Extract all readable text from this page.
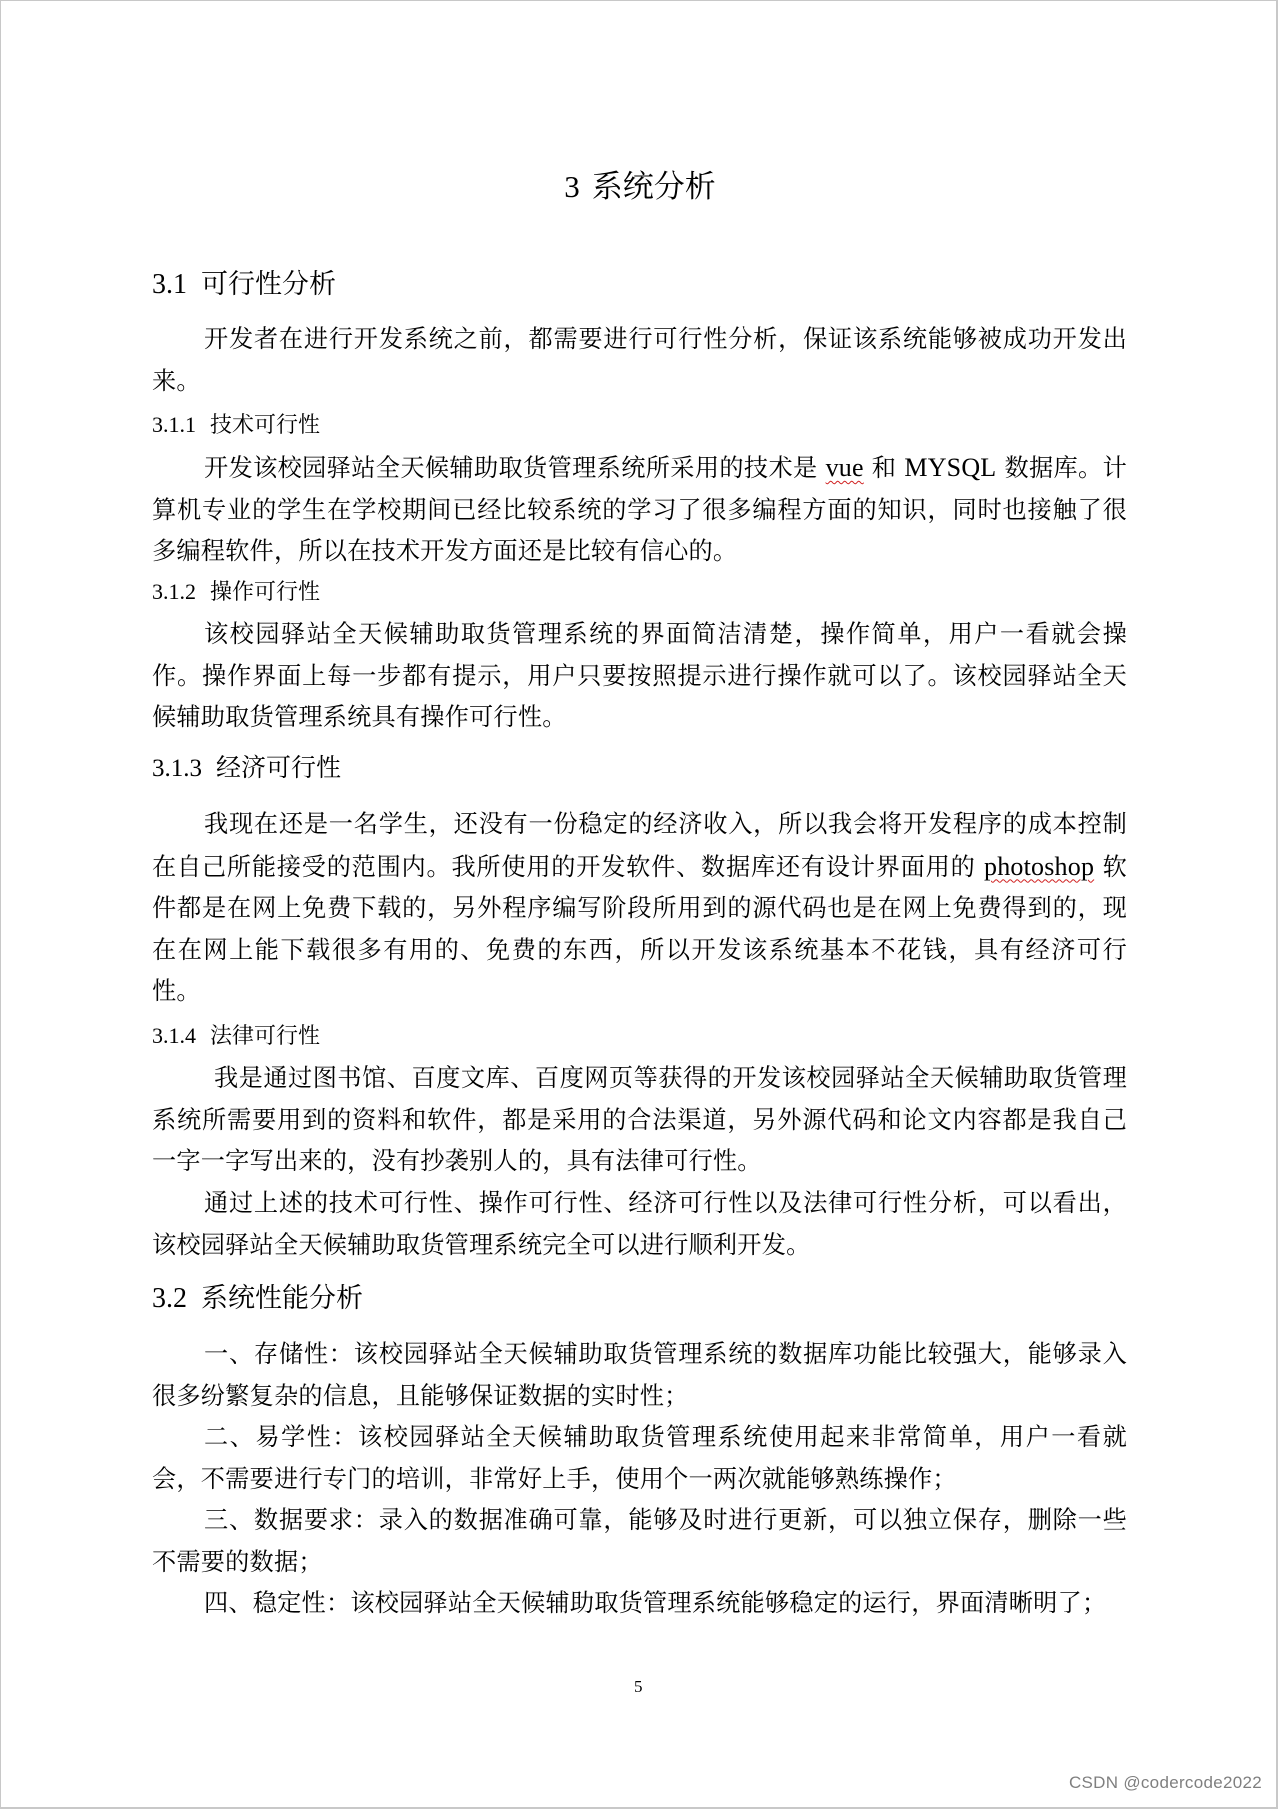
3 系统分析
3.1 可行性分析

开发者在进行开发系统之前，都需要进行可行性分析，保证该系统能够被成功开发出来。

3.1.1 技术可行性

开发该校园驿站全天候辅助取货管理系统所采用的技术是 vue 和 MYSQL 数据库。计算机专业的学生在学校期间已经比较系统的学习了很多编程方面的知识，同时也接触了很多编程软件，所以在技术开发方面还是比较有信心的。

3.1.2 操作可行性

该校园驿站全天候辅助取货管理系统的界面简洁清楚，操作简单，用户一看就会操作。操作界面上每一步都有提示，用户只要按照提示进行操作就可以了。该校园驿站全天候辅助取货管理系统具有操作可行性。

3.1.3 经济可行性

我现在还是一名学生，还没有一份稳定的经济收入，所以我会将开发程序的成本控制在自己所能接受的范围内。我所使用的开发软件、数据库还有设计界面用的 photoshop 软件都是在网上免费下载的，另外程序编写阶段所用到的源代码也是在网上免费得到的，现在在网上能下载很多有用的、免费的东西，所以开发该系统基本不花钱，具有经济可行性。

3.1.4 法律可行性

我是通过图书馆、百度文库、百度网页等获得的开发该校园驿站全天候辅助取货管理系统所需要用到的资料和软件，都是采用的合法渠道，另外源代码和论文内容都是我自己一字一字写出来的，没有抄袭别人的，具有法律可行性。

通过上述的技术可行性、操作可行性、经济可行性以及法律可行性分析，可以看出，该校园驿站全天候辅助取货管理系统完全可以进行顺利开发。

3.2 系统性能分析

一、存储性：该校园驿站全天候辅助取货管理系统的数据库功能比较强大，能够录入很多纷繁复杂的信息，且能够保证数据的实时性；

二、易学性：该校园驿站全天候辅助取货管理系统使用起来非常简单，用户一看就会，不需要进行专门的培训，非常好上手，使用个一两次就能够熟练操作；

三、数据要求：录入的数据准确可靠，能够及时进行更新，可以独立保存，删除一些不需要的数据；

四、稳定性：该校园驿站全天候辅助取货管理系统能够稳定的运行，界面清晰明了；

5
CSDN @codercode2022
